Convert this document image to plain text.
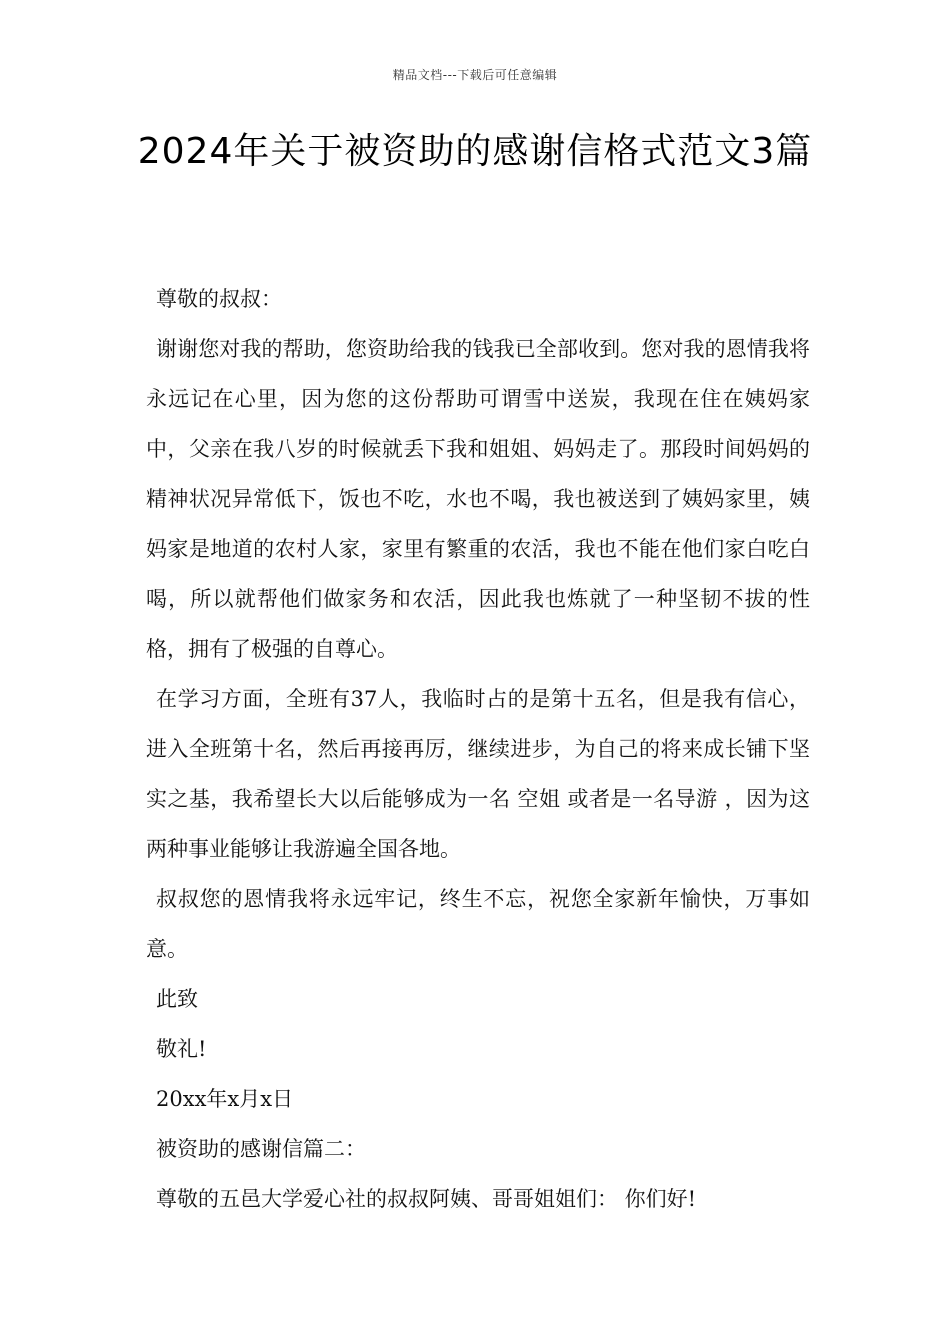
精品文档---下载后可任意编辑
2024年关于被资助的感谢信格式范文3篇

尊敬的叔叔：

谢谢您对我的帮助，您资助给我的钱我已全部收到。您对我的恩情我将永远记在心里，因为您的这份帮助可谓雪中送炭，我现在住在姨妈家中，父亲在我八岁的时候就丢下我和姐姐、妈妈走了。那段时间妈妈的精神状况异常低下，饭也不吃，水也不喝，我也被送到了姨妈家里，姨妈家是地道的农村人家，家里有繁重的农活，我也不能在他们家白吃白喝，所以就帮他们做家务和农活，因此我也炼就了一种坚韧不拔的性格，拥有了极强的自尊心。

在学习方面，全班有37人，我临时占的是第十五名，但是我有信心，进入全班第十名，然后再接再厉，继续进步，为自己的将来成长铺下坚实之基，我希望长大以后能够成为一名 空姐 或者是一名导游 ，因为这两种事业能够让我游遍全国各地。

叔叔您的恩情我将永远牢记，终生不忘，祝您全家新年愉快，万事如意。

此致

敬礼!

20xx年x月x日

被资助的感谢信篇二：

尊敬的五邑大学爱心社的叔叔阿姨、哥哥姐姐们： 你们好!
